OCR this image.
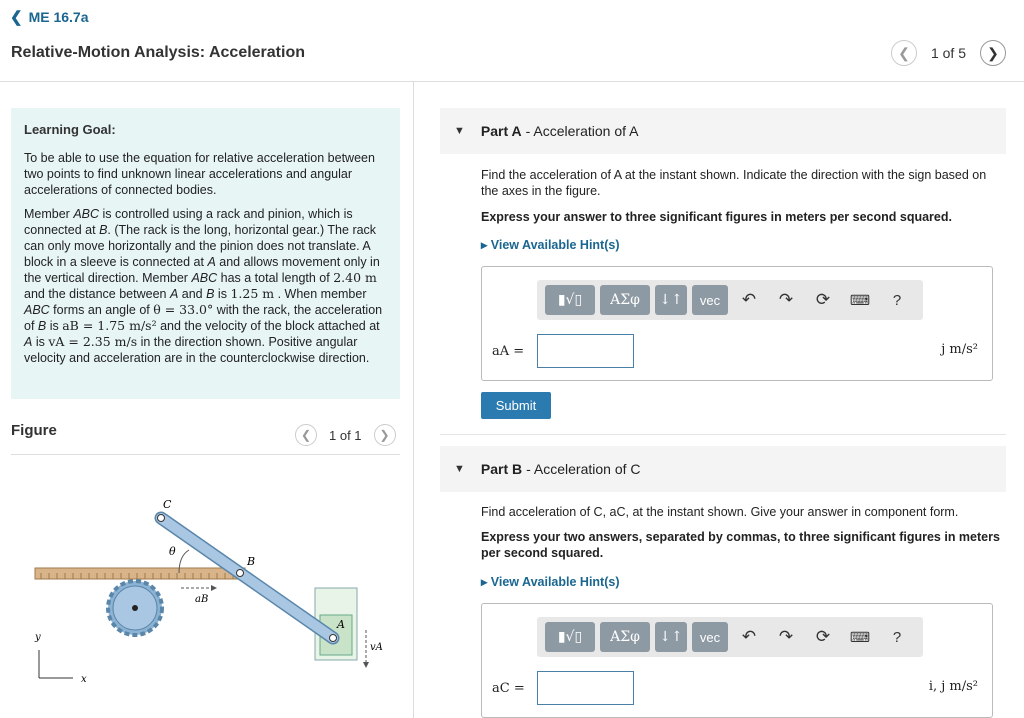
❮ ME 16.7a
Relative-Motion Analysis: Acceleration	❮ 1 of 5 ❯
Learning Goal:

To be able to use the equation for relative acceleration between two points to find unknown linear accelerations and angular accelerations of connected bodies.

Member ABC is controlled using a rack and pinion, which is connected at B. (The rack is the long, horizontal gear.) The rack can only move horizontally and the pinion does not translate. A block in a sleeve is connected at A and allows movement only in the vertical direction. Member ABC has a total length of 2.40 m and the distance between A and B is 1.25 m . When member ABC forms an angle of θ = 33.0° with the rack, the acceleration of B is aB = 1.75 m/s² and the velocity of the block attached at A is vA = 2.35 m/s in the direction shown. Positive angular velocity and acceleration are in the counterclockwise direction.

Figure	❮ 1 of 1 ❯
C
B
A
θ
aB
vA
y
x
▼ Part A - Acceleration of A
Find the acceleration of A at the instant shown. Indicate the direction with the sign based on the axes in the figure.
Express your answer to three significant figures in meters per second squared.
▸ View Available Hint(s)
▮√▯	ΑΣφ	↓↑	vec	↶	↷	⟳	⌨	?
aA =	j m/s²
Submit
▼ Part B - Acceleration of C
Find acceleration of C, aC, at the instant shown. Give your answer in component form.
Express your two answers, separated by commas, to three significant figures in meters per second squared.
▸ View Available Hint(s)
▮√▯	ΑΣφ	↓↑	vec	↶	↷	⟳	⌨	?
aC =	i, j m/s²
